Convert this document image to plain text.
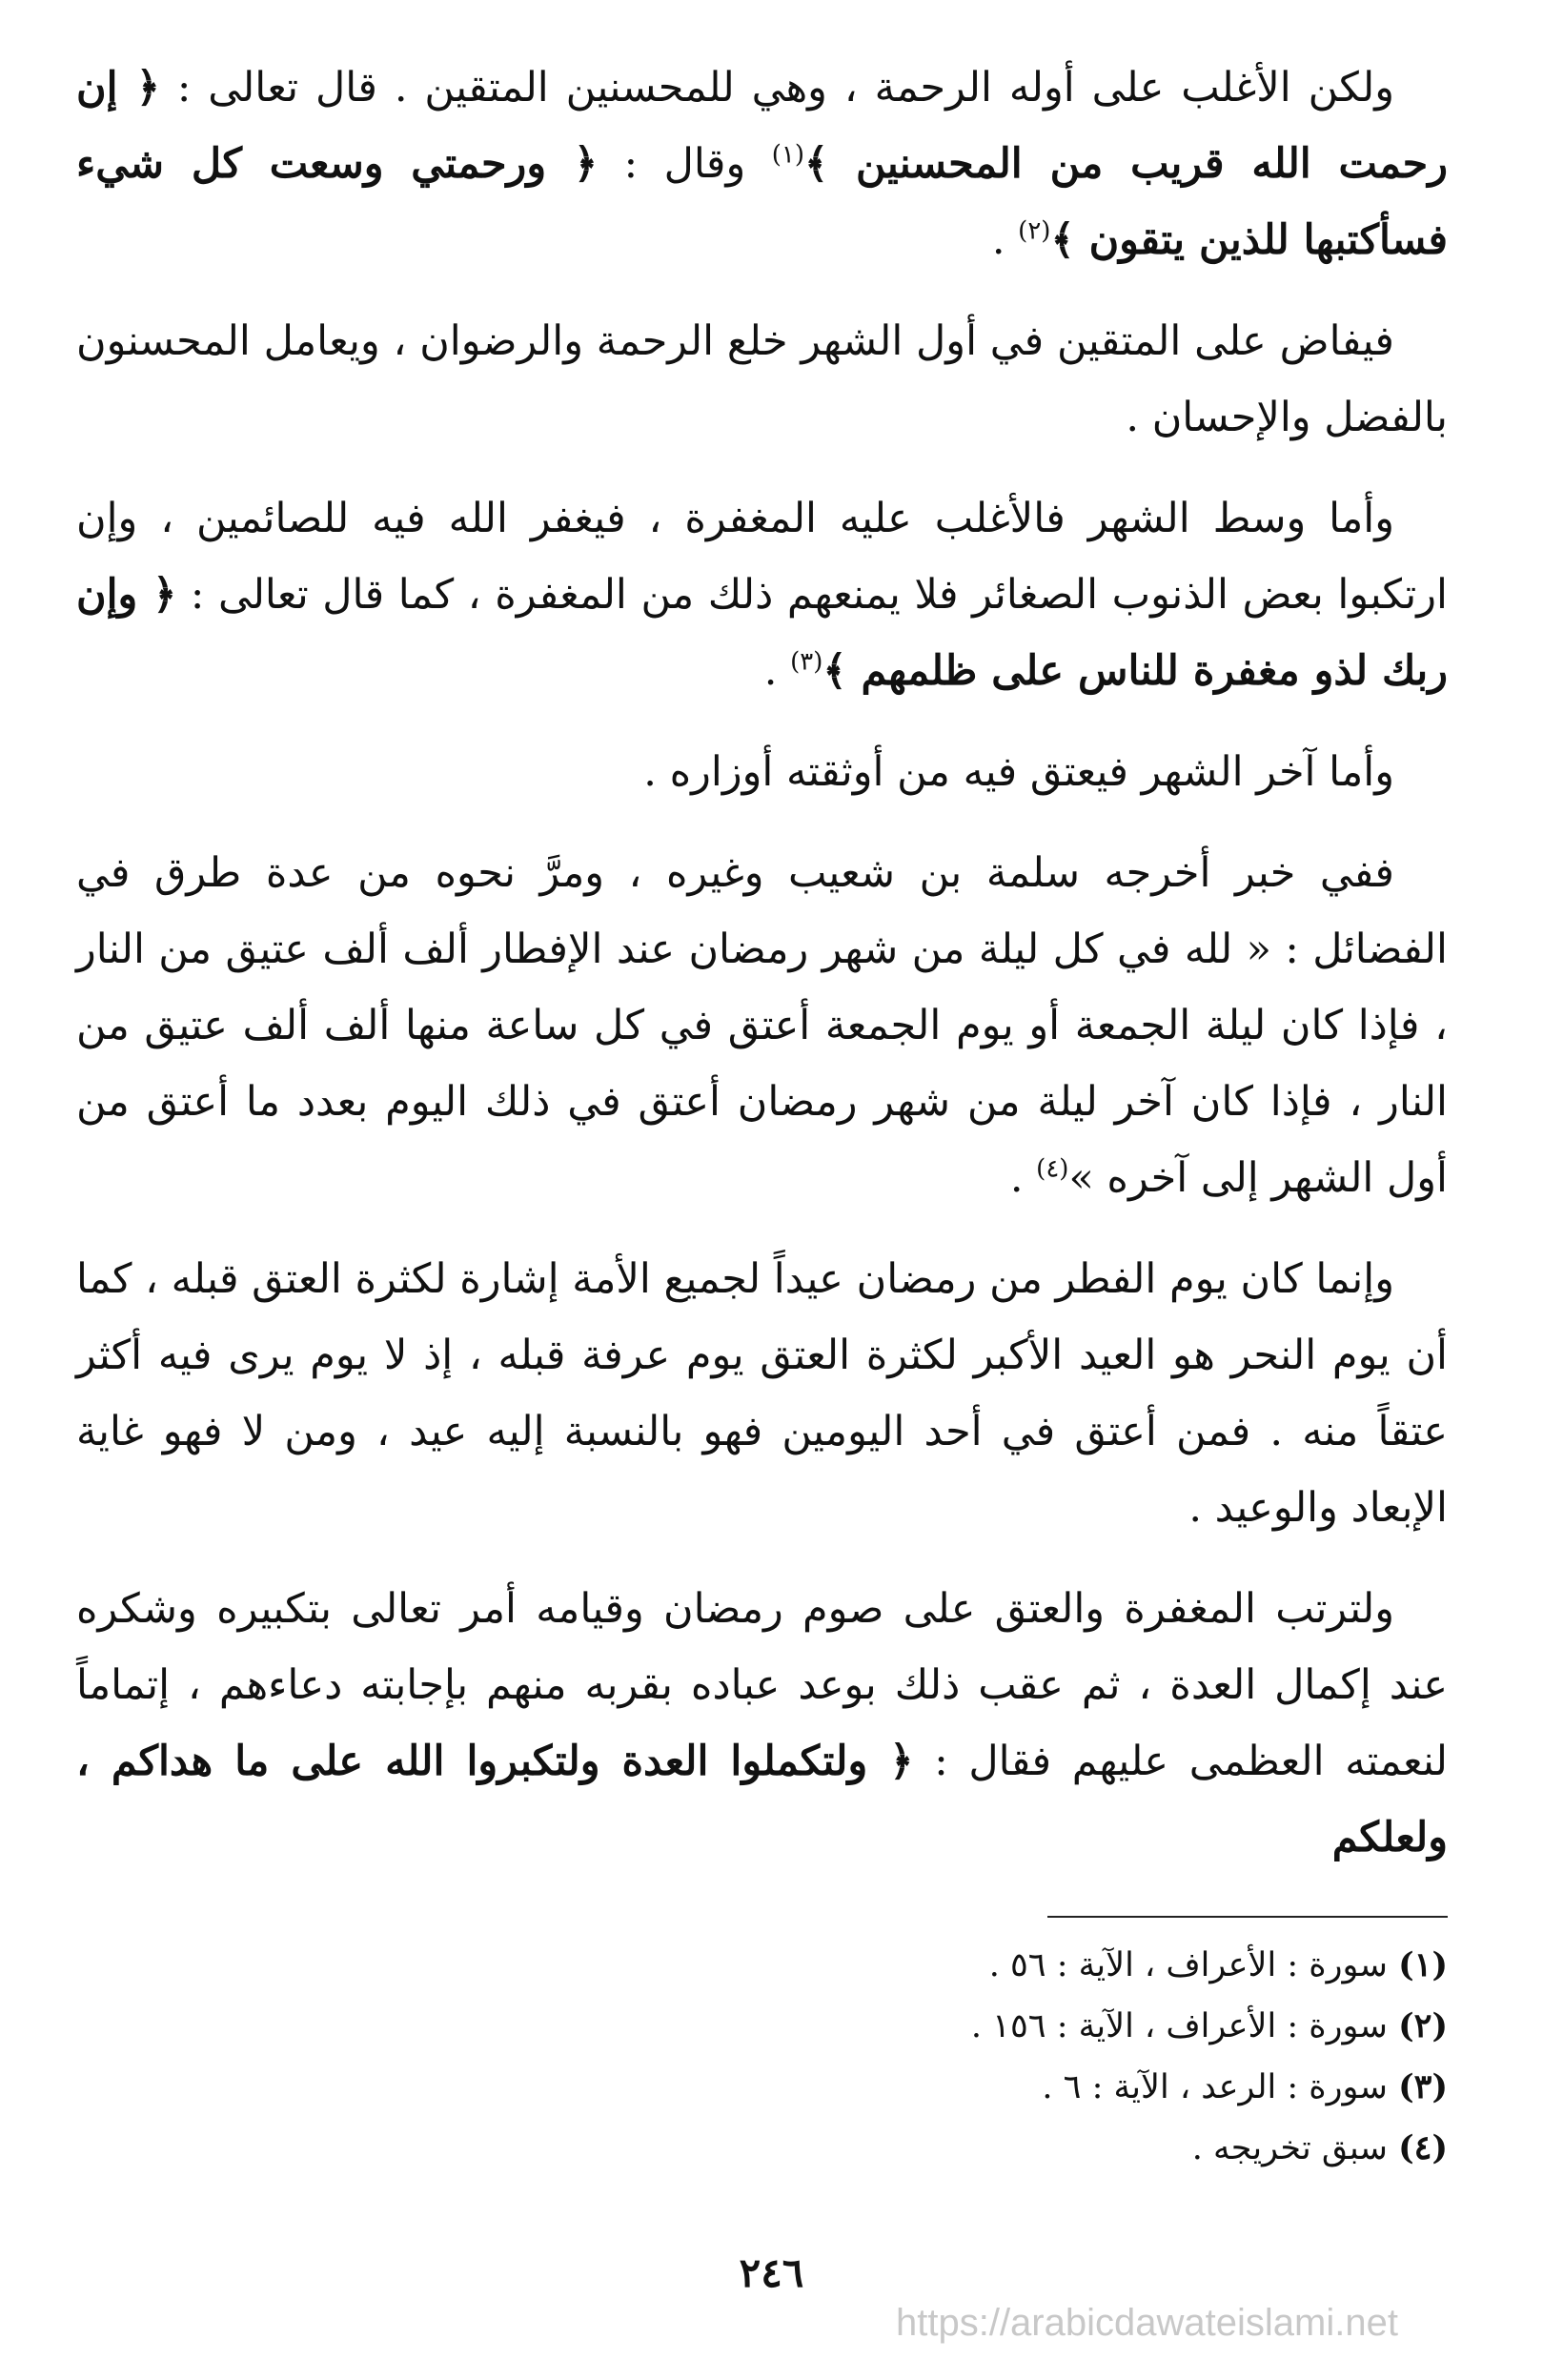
ولكن الأغلب على أوله الرحمة ، وهي للمحسنين المتقين . قال تعالى : ﴿ إن رحمت الله قريب من المحسنين ﴾$^{(١)}$ وقال : ﴿ ورحمتي وسعت كل شيء فسأكتبها للذين يتقون ﴾$^{(٢)}$ .

فيفاض على المتقين في أول الشهر خلع الرحمة والرضوان ، ويعامل المحسنون بالفضل والإحسان .

وأما وسط الشهر فالأغلب عليه المغفرة ، فيغفر الله فيه للصائمين ، وإن ارتكبوا بعض الذنوب الصغائر فلا يمنعهم ذلك من المغفرة ، كما قال تعالى : ﴿ وإن ربك لذو مغفرة للناس على ظلمهم ﴾$^{(٣)}$ .

وأما آخر الشهر فيعتق فيه من أوثقته أوزاره .

ففي خبر أخرجه سلمة بن شعيب وغيره ، ومرَّ نحوه من عدة طرق في الفضائل : « لله في كل ليلة من شهر رمضان عند الإفطار ألف ألف عتيق من النار ، فإذا كان ليلة الجمعة أو يوم الجمعة أعتق في كل ساعة منها ألف ألف عتيق من النار ، فإذا كان آخر ليلة من شهر رمضان أعتق في ذلك اليوم بعدد ما أعتق من أول الشهر إلى آخره »$^{(٤)}$ .

وإنما كان يوم الفطر من رمضان عيداً لجميع الأمة إشارة لكثرة العتق قبله ، كما أن يوم النحر هو العيد الأكبر لكثرة العتق يوم عرفة قبله ، إذ لا يوم يرى فيه أكثر عتقاً منه . فمن أعتق في أحد اليومين فهو بالنسبة إليه عيد ، ومن لا فهو غاية الإبعاد والوعيد .

ولترتب المغفرة والعتق على صوم رمضان وقيامه أمر تعالى بتكبيره وشكره عند إكمال العدة ، ثم عقب ذلك بوعد عباده بقربه منهم بإجابته دعاءهم ، إتماماً لنعمته العظمى عليهم فقال : ﴿ ولتكملوا العدة ولتكبروا الله على ما هداكم ، ولعلكم

(١) سورة : الأعراف ، الآية : ٥٦ .
(٢) سورة : الأعراف ، الآية : ١٥٦ .
(٣) سورة : الرعد ، الآية : ٦ .
(٤) سبق تخريجه .
٢٤٦
https://arabicdawateislami.net
